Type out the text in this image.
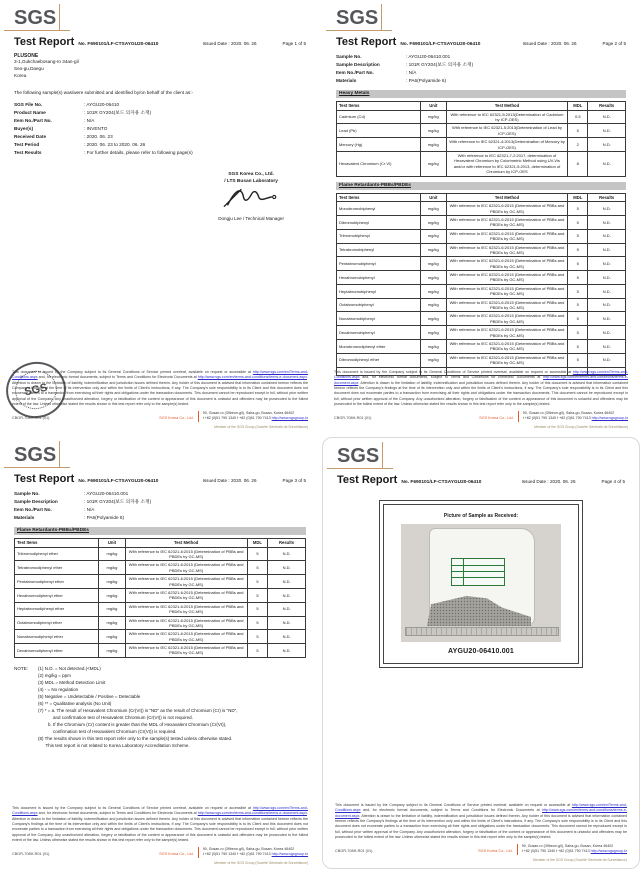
SGS
Test Report No. F690101/LF-CTSAYGU20-06410	Issued Date : 2020. 06. 26	Page 1 of 5
PLUSONE
3-1,Gukchaebosang-ro 34an-gil
Seo-gu,Daegu
Korea
The following sample(s) was/were submitted and identified by/on behalf of the client as:-
SGS File No.	: AYGU20-06410
Product Name	: 101R GY204(보드 의자용 소재)
Item No./Part No.	: N/A
Buyer(s)	: INVENTO
Received Date	: 2020. 06. 23
Test Period	: 2020. 06. 23 to 2020. 06. 26
Test Results	: For further details, please refer to following page(s)
SGS Korea Co., Ltd.
/ LTS Busan Laboratory
Dongju Lee / Technical Manager
SGS
This document is issued by the Company subject to its General Conditions of Service printed overleaf, available on request or accessible at http://www.sgs.com/en/Terms-and-Conditions.aspx and, for electronic format documents, subject to Terms and Conditions for Electronic Documents at http://www.sgs.com/en/terms-and-conditions/terms-e-document.aspx. Attention is drawn to the limitation of liability, indemnification and jurisdiction issues defined therein. Any holder of this document is advised that information contained hereon reflects the Company's findings at the time of its intervention only and within the limits of Client's instructions, if any. The Company's sole responsibility is to its Client and this document does not exonerate parties to a transaction from exercising all their rights and obligations under the transaction documents. This document cannot be reproduced except in full, without prior written approval of the Company. Any unauthorized alteration, forgery or falsification of the content or appearance of this document is unlawful and offenders may be prosecuted to the fullest extent of the law. Unless otherwise stated the results shown in this test report refer only to the sample(s) tested.
CBGR-708H-R01 (01)	SGS Korea Co., Ltd.
90, Gosan-ro (39beon-gil), Saha-gu, Busan, Korea 46402
t +82 (0)51 790 1340 f +82 (0)51 790 7413 http://www.sgsgroup.kr
Member of the SGS Group (Société Générale de Surveillance)
SGS
Test Report No. F690101/LF-CTSAYGU20-06410	Issued Date : 2020. 06. 26	Page 2 of 5
Sample No.	: AYGU20-06410.001
Sample Description	: 101R GY204(보드 의자용 소재)
Item No./Part No.	: N/A
Materials	: PA6(Polyamide 6)
Heavy Metals
Test Items	Unit	Test Method	MDL	Results
Cadmium (Cd)	mg/kg	With reference to IEC 62321-5:2013(Determination of Cadmium by ICP-OES)	0.5	N.D.
Lead (Pb)	mg/kg	With reference to IEC 62321-5:2013(Determination of Lead by ICP-OES)	5	N.D.
Mercury (Hg)	mg/kg	With reference to IEC 62321-4:2013(Determination of Mercury by ICP-OES)	2	N.D.
Hexavalent Chromium (Cr VI)	mg/kg	With reference to IEC 62321-7-2:2017, determination of Hexavalent Chromium by Colorimetric Method using UV-Vis and/or with reference to IEC 62321-5:2013, determination of Chromium by ICP-OES	8	N.D.
Flame Retardants-PBBs/PBDEs
Test Items	Unit	Test Method	MDL	Results
Monobromobiphenyl	mg/kg	With reference to IEC 62321-6:2015 (Determination of PBBs and PBDEs by GC-MS)	5	N.D.
Dibromobiphenyl	mg/kg	With reference to IEC 62321-6:2015 (Determination of PBBs and PBDEs by GC-MS)	5	N.D.
Tribromobiphenyl	mg/kg	With reference to IEC 62321-6:2015 (Determination of PBBs and PBDEs by GC-MS)	5	N.D.
Tetrabromobiphenyl	mg/kg	With reference to IEC 62321-6:2015 (Determination of PBBs and PBDEs by GC-MS)	5	N.D.
Pentabromobiphenyl	mg/kg	With reference to IEC 62321-6:2015 (Determination of PBBs and PBDEs by GC-MS)	5	N.D.
Hexabromobiphenyl	mg/kg	With reference to IEC 62321-6:2015 (Determination of PBBs and PBDEs by GC-MS)	5	N.D.
Heptabromobiphenyl	mg/kg	With reference to IEC 62321-6:2015 (Determination of PBBs and PBDEs by GC-MS)	5	N.D.
Octabromobiphenyl	mg/kg	With reference to IEC 62321-6:2015 (Determination of PBBs and PBDEs by GC-MS)	5	N.D.
Nonabromobiphenyl	mg/kg	With reference to IEC 62321-6:2015 (Determination of PBBs and PBDEs by GC-MS)	5	N.D.
Decabromobiphenyl	mg/kg	With reference to IEC 62321-6:2015 (Determination of PBBs and PBDEs by GC-MS)	5	N.D.
Monobromodiphenyl ether	mg/kg	With reference to IEC 62321-6:2015 (Determination of PBBs and PBDEs by GC-MS)	5	N.D.
Dibromodiphenyl ether	mg/kg	With reference to IEC 62321-6:2015 (Determination of PBBs and PBDEs by GC-MS)	5	N.D.

This document is issued by the Company subject to its General Conditions of Service printed overleaf, available on request or accessible at http://www.sgs.com/en/Terms-and-Conditions.aspx and, for electronic format documents, subject to Terms and Conditions for Electronic Documents at http://www.sgs.com/en/terms-and-conditions/terms-e-document.aspx. Attention is drawn to the limitation of liability, indemnification and jurisdiction issues defined therein. Any holder of this document is advised that information contained hereon reflects the Company's findings at the time of its intervention only and within the limits of Client's instructions, if any. The Company's sole responsibility is to its Client and this document does not exonerate parties to a transaction from exercising all their rights and obligations under the transaction documents. This document cannot be reproduced except in full, without prior written approval of the Company. Any unauthorized alteration, forgery or falsification of the content or appearance of this document is unlawful and offenders may be prosecuted to the fullest extent of the law. Unless otherwise stated the results shown in this test report refer only to the sample(s) tested.
CBGR-708H-R01 (01)	SGS Korea Co., Ltd.
90, Gosan-ro (39beon-gil), Saha-gu, Busan, Korea 46402
t +82 (0)51 790 1340 f +82 (0)51 790 7413 http://www.sgsgroup.kr
Member of the SGS Group (Société Générale de Surveillance)
SGS
Test Report No. F690101/LF-CTSAYGU20-06410	Issued Date : 2020. 06. 26	Page 3 of 5
Sample No.	: AYGU20-06410.001
Sample Description	: 101R GY204(보드 의자용 소재)
Item No./Part No.	: N/A
Materials	: PA6(Polyamide 6)
Flame Retardants-PBBs/PBDEs
Test Items	Unit	Test Method	MDL	Results
Tribromodiphenyl ether	mg/kg	With reference to IEC 62321-6:2015 (Determination of PBBs and PBDEs by GC-MS)	5	N.D.
Tetrabromodiphenyl ether	mg/kg	With reference to IEC 62321-6:2015 (Determination of PBBs and PBDEs by GC-MS)	5	N.D.
Pentabromodiphenyl ether	mg/kg	With reference to IEC 62321-6:2015 (Determination of PBBs and PBDEs by GC-MS)	5	N.D.
Hexabromodiphenyl ether	mg/kg	With reference to IEC 62321-6:2015 (Determination of PBBs and PBDEs by GC-MS)	5	N.D.
Heptabromodiphenyl ether	mg/kg	With reference to IEC 62321-6:2015 (Determination of PBBs and PBDEs by GC-MS)	5	N.D.
Octabromodiphenyl ether	mg/kg	With reference to IEC 62321-6:2015 (Determination of PBBs and PBDEs by GC-MS)	5	N.D.
Nonabromodiphenyl ether	mg/kg	With reference to IEC 62321-6:2015 (Determination of PBBs and PBDEs by GC-MS)	5	N.D.
Decabromodiphenyl ether	mg/kg	With reference to IEC 62321-6:2015 (Determination of PBBs and PBDEs by GC-MS)	5	N.D.
NOTE:	(1) N.D. = Not detected.(<MDL)
(2) mg/kg = ppm
(3) MDL = Method Detection Limit
(4) - = No regulation
(5) Negative = Undetectable / Positive = Detectable
(6) ** = Qualitative analysis (No Unit)
(7) * = a. The result of Hexavalent Chromium (Cr(VI)) is "ND" as the result of Chromium (Cr) is "ND",
and confirmation test of Hexavalent Chromium (Cr(VI)) is not required.
b. If the Chromium (Cr) content is greater than the MDL of Hexavalent Chromium (Cr(VI)),
confirmation test of Hexavalent Chromium (Cr(VI)) is required.
(8) The results shown in this test report refer only to the sample(s) tested unless otherwise stated.
This test report is not related to Korea Laboratory Accreditation Scheme.
This document is issued by the Company subject to its General Conditions of Service printed overleaf, available on request or accessible at http://www.sgs.com/en/Terms-and-Conditions.aspx and, for electronic format documents, subject to Terms and Conditions for Electronic Documents at http://www.sgs.com/en/terms-and-conditions/terms-e-document.aspx. Attention is drawn to the limitation of liability, indemnification and jurisdiction issues defined therein. Any holder of this document is advised that information contained hereon reflects the Company's findings at the time of its intervention only and within the limits of Client's instructions, if any. The Company's sole responsibility is to its Client and this document does not exonerate parties to a transaction from exercising all their rights and obligations under the transaction documents. This document cannot be reproduced except in full, without prior written approval of the Company. Any unauthorized alteration, forgery or falsification of the content or appearance of this document is unlawful and offenders may be prosecuted to the fullest extent of the law. Unless otherwise stated the results shown in this test report refer only to the sample(s) tested.
CBGR-708H-R01 (01)	SGS Korea Co., Ltd.
90, Gosan-ro (39beon-gil), Saha-gu, Busan, Korea 46402
t +82 (0)51 790 1340 f +82 (0)51 790 7413 http://www.sgsgroup.kr
Member of the SGS Group (Société Générale de Surveillance)
SGS
Test Report No. F690101/LF-CTSAYGU20-06410	Issued Date : 2020. 06. 26	Page 4 of 5
Picture of Sample as Received:
AYGU20-06410.001
This document is issued by the Company subject to its General Conditions of Service printed overleaf, available on request or accessible at http://www.sgs.com/en/Terms-and-Conditions.aspx and, for electronic format documents, subject to Terms and Conditions for Electronic Documents at http://www.sgs.com/en/terms-and-conditions/terms-e-document.aspx. Attention is drawn to the limitation of liability, indemnification and jurisdiction issues defined therein. Any holder of this document is advised that information contained hereon reflects the Company's findings at the time of its intervention only and within the limits of Client's instructions, if any. The Company's sole responsibility is to its Client and this document does not exonerate parties to a transaction from exercising all their rights and obligations under the transaction documents. This document cannot be reproduced except in full, without prior written approval of the Company. Any unauthorized alteration, forgery or falsification of the content or appearance of this document is unlawful and offenders may be prosecuted to the fullest extent of the law. Unless otherwise stated the results shown in this test report refer only to the sample(s) tested.
CBGR-708H-R01 (01)	SGS Korea Co., Ltd.
90, Gosan-ro (39beon-gil), Saha-gu, Busan, Korea 46402
t +82 (0)51 790 1340 f +82 (0)51 790 7413 http://www.sgsgroup.kr
Member of the SGS Group (Société Générale de Surveillance)
